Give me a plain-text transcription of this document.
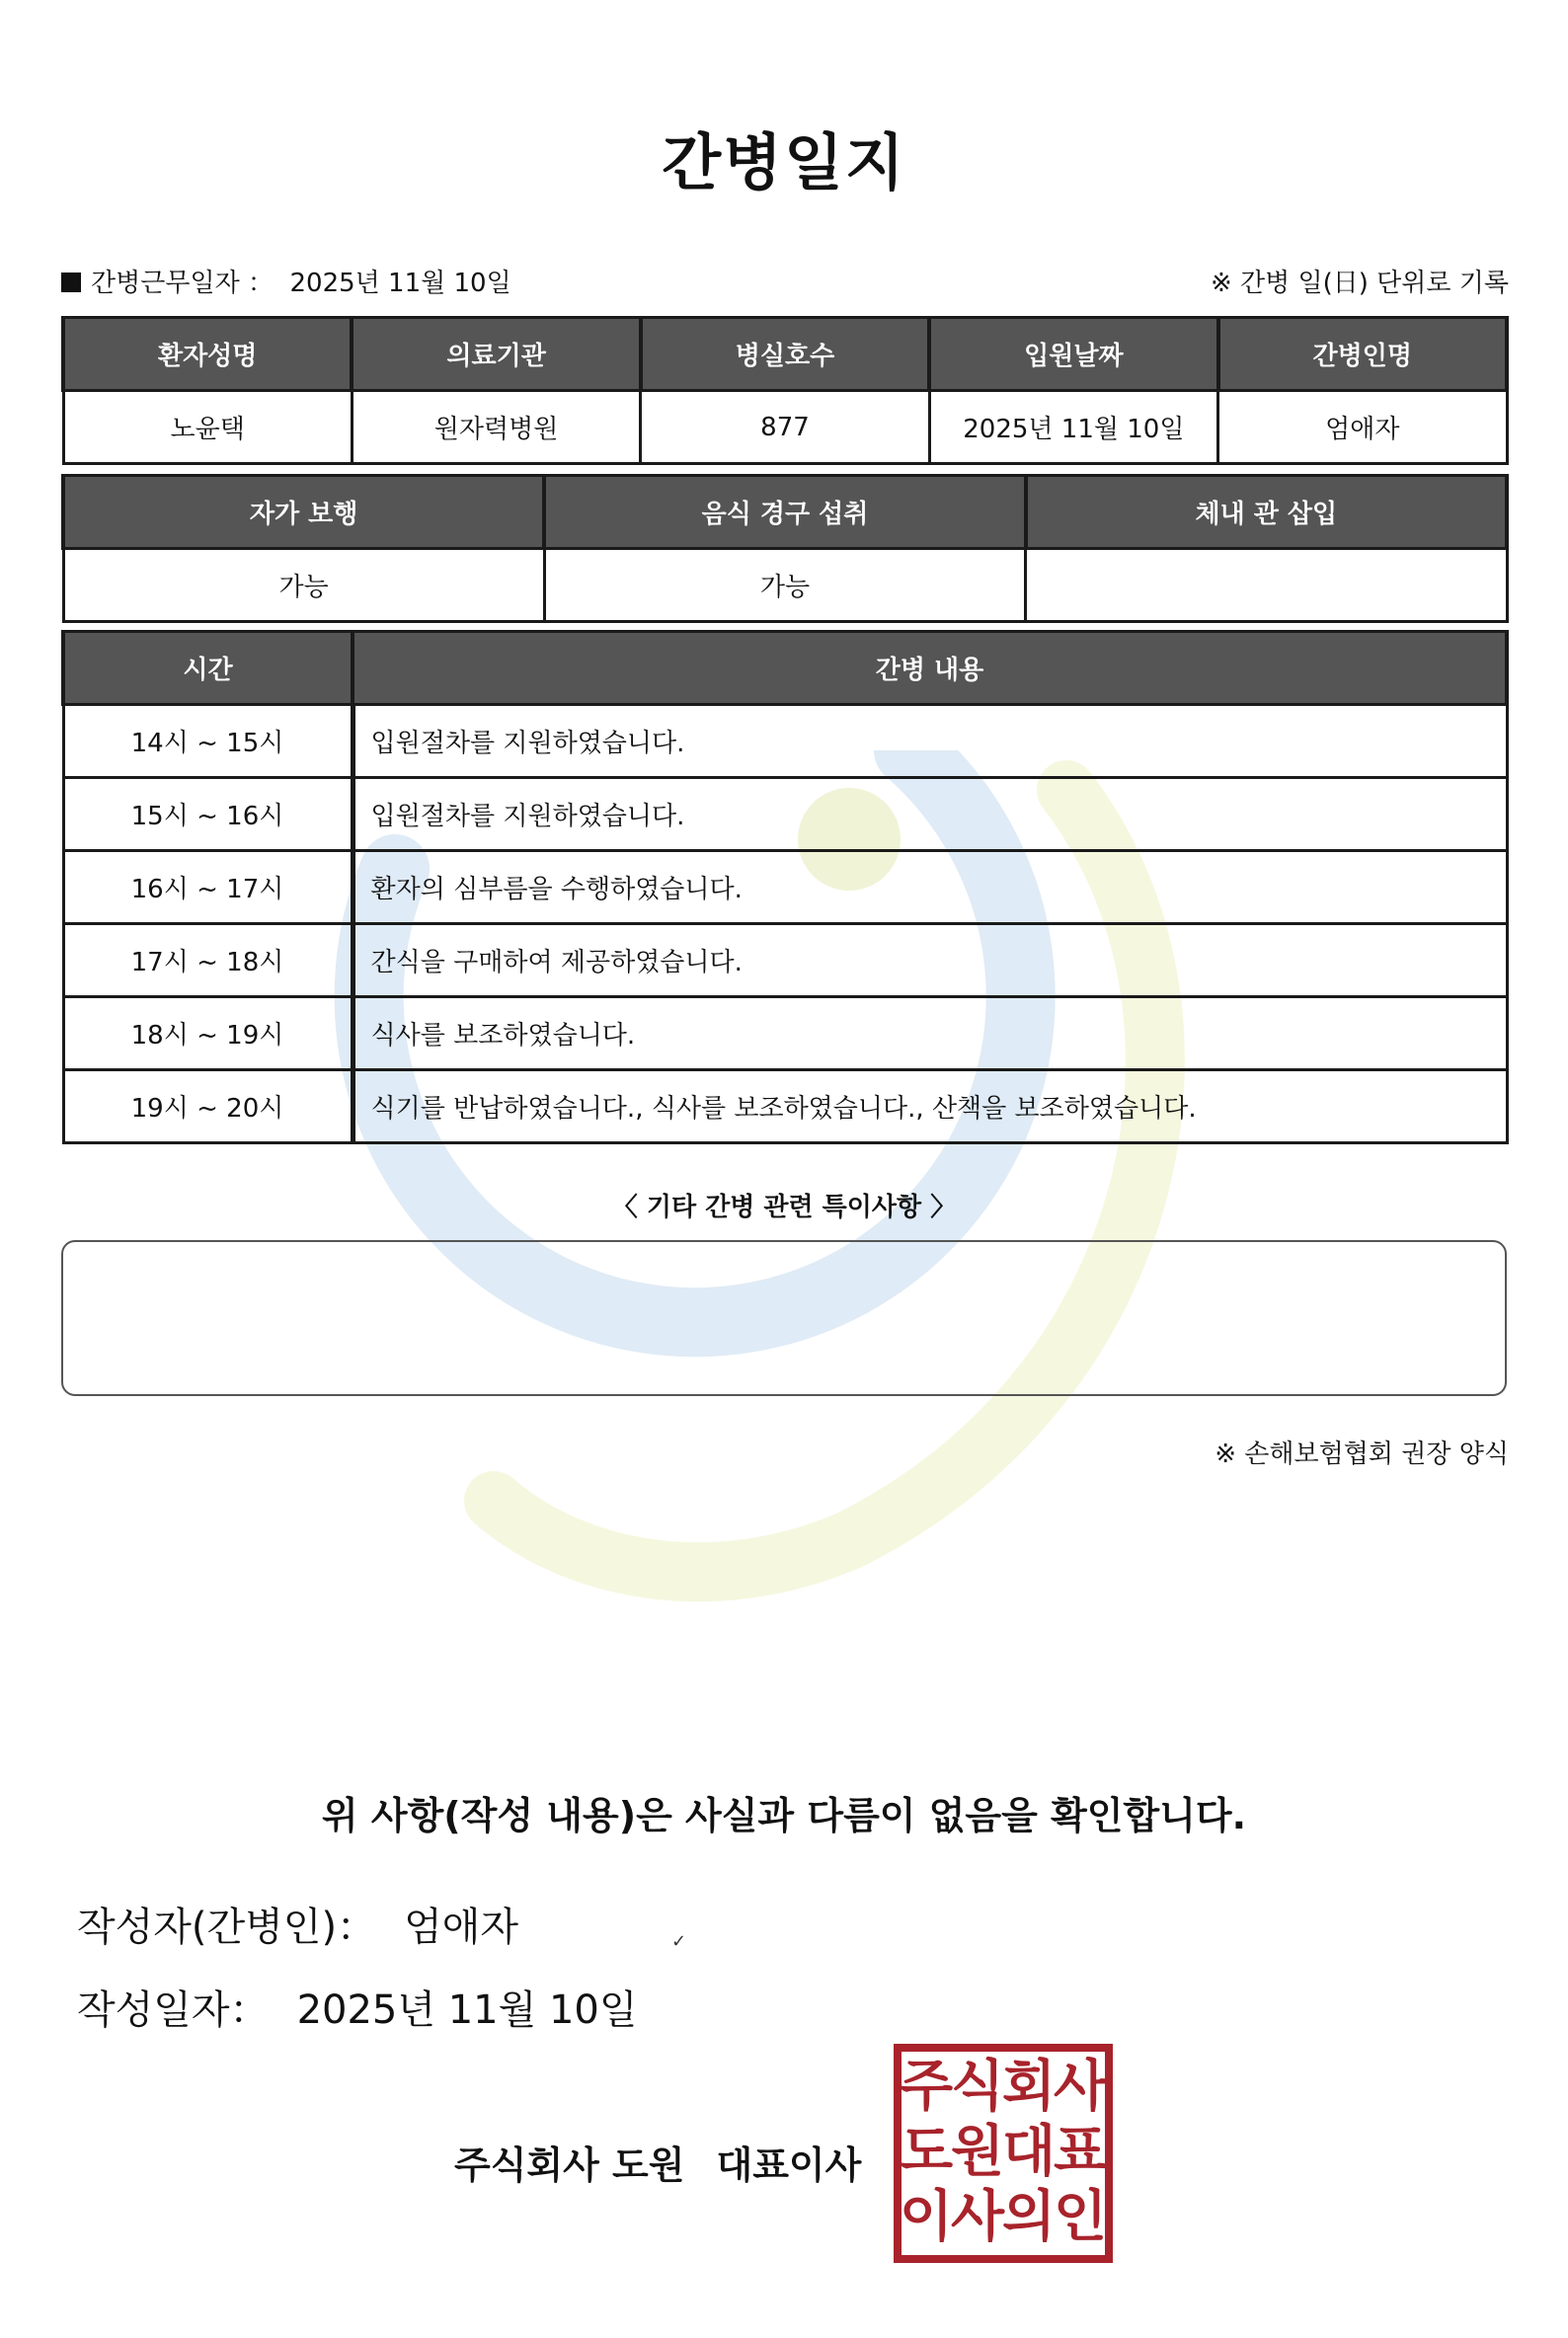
간병일지
간병근무일자 ： 2025년 11월 10일	※ 간병 일(日) 단위로 기록
환자성명	의료기관	병실호수	입원날짜	간병인명
노윤택	원자력병원	877	2025년 11월 10일	엄애자
자가 보행	음식 경구 섭취	체내 관 삽입
가능	가능	
시간	간병 내용
14시 ~ 15시	입원절차를 지원하였습니다.
15시 ~ 16시	입원절차를 지원하였습니다.
16시 ~ 17시	환자의 심부름을 수행하였습니다.
17시 ~ 18시	간식을 구매하여 제공하였습니다.
18시 ~ 19시	식사를 보조하였습니다.
19시 ~ 20시	식기를 반납하였습니다., 식사를 보조하였습니다., 산책을 보조하였습니다.
〈 기타 간병 관련 특이사항 〉
※ 손해보험협회 권장 양식
위 사항(작성 내용)은 사실과 다름이 없음을 확인합니다.
작성자(간병인)： 엄애자	✓
작성일자： 2025년 11월 10일
주식회사 도원 대표이사
주
식
회
사
도
원
대
표
이
사
의
인
